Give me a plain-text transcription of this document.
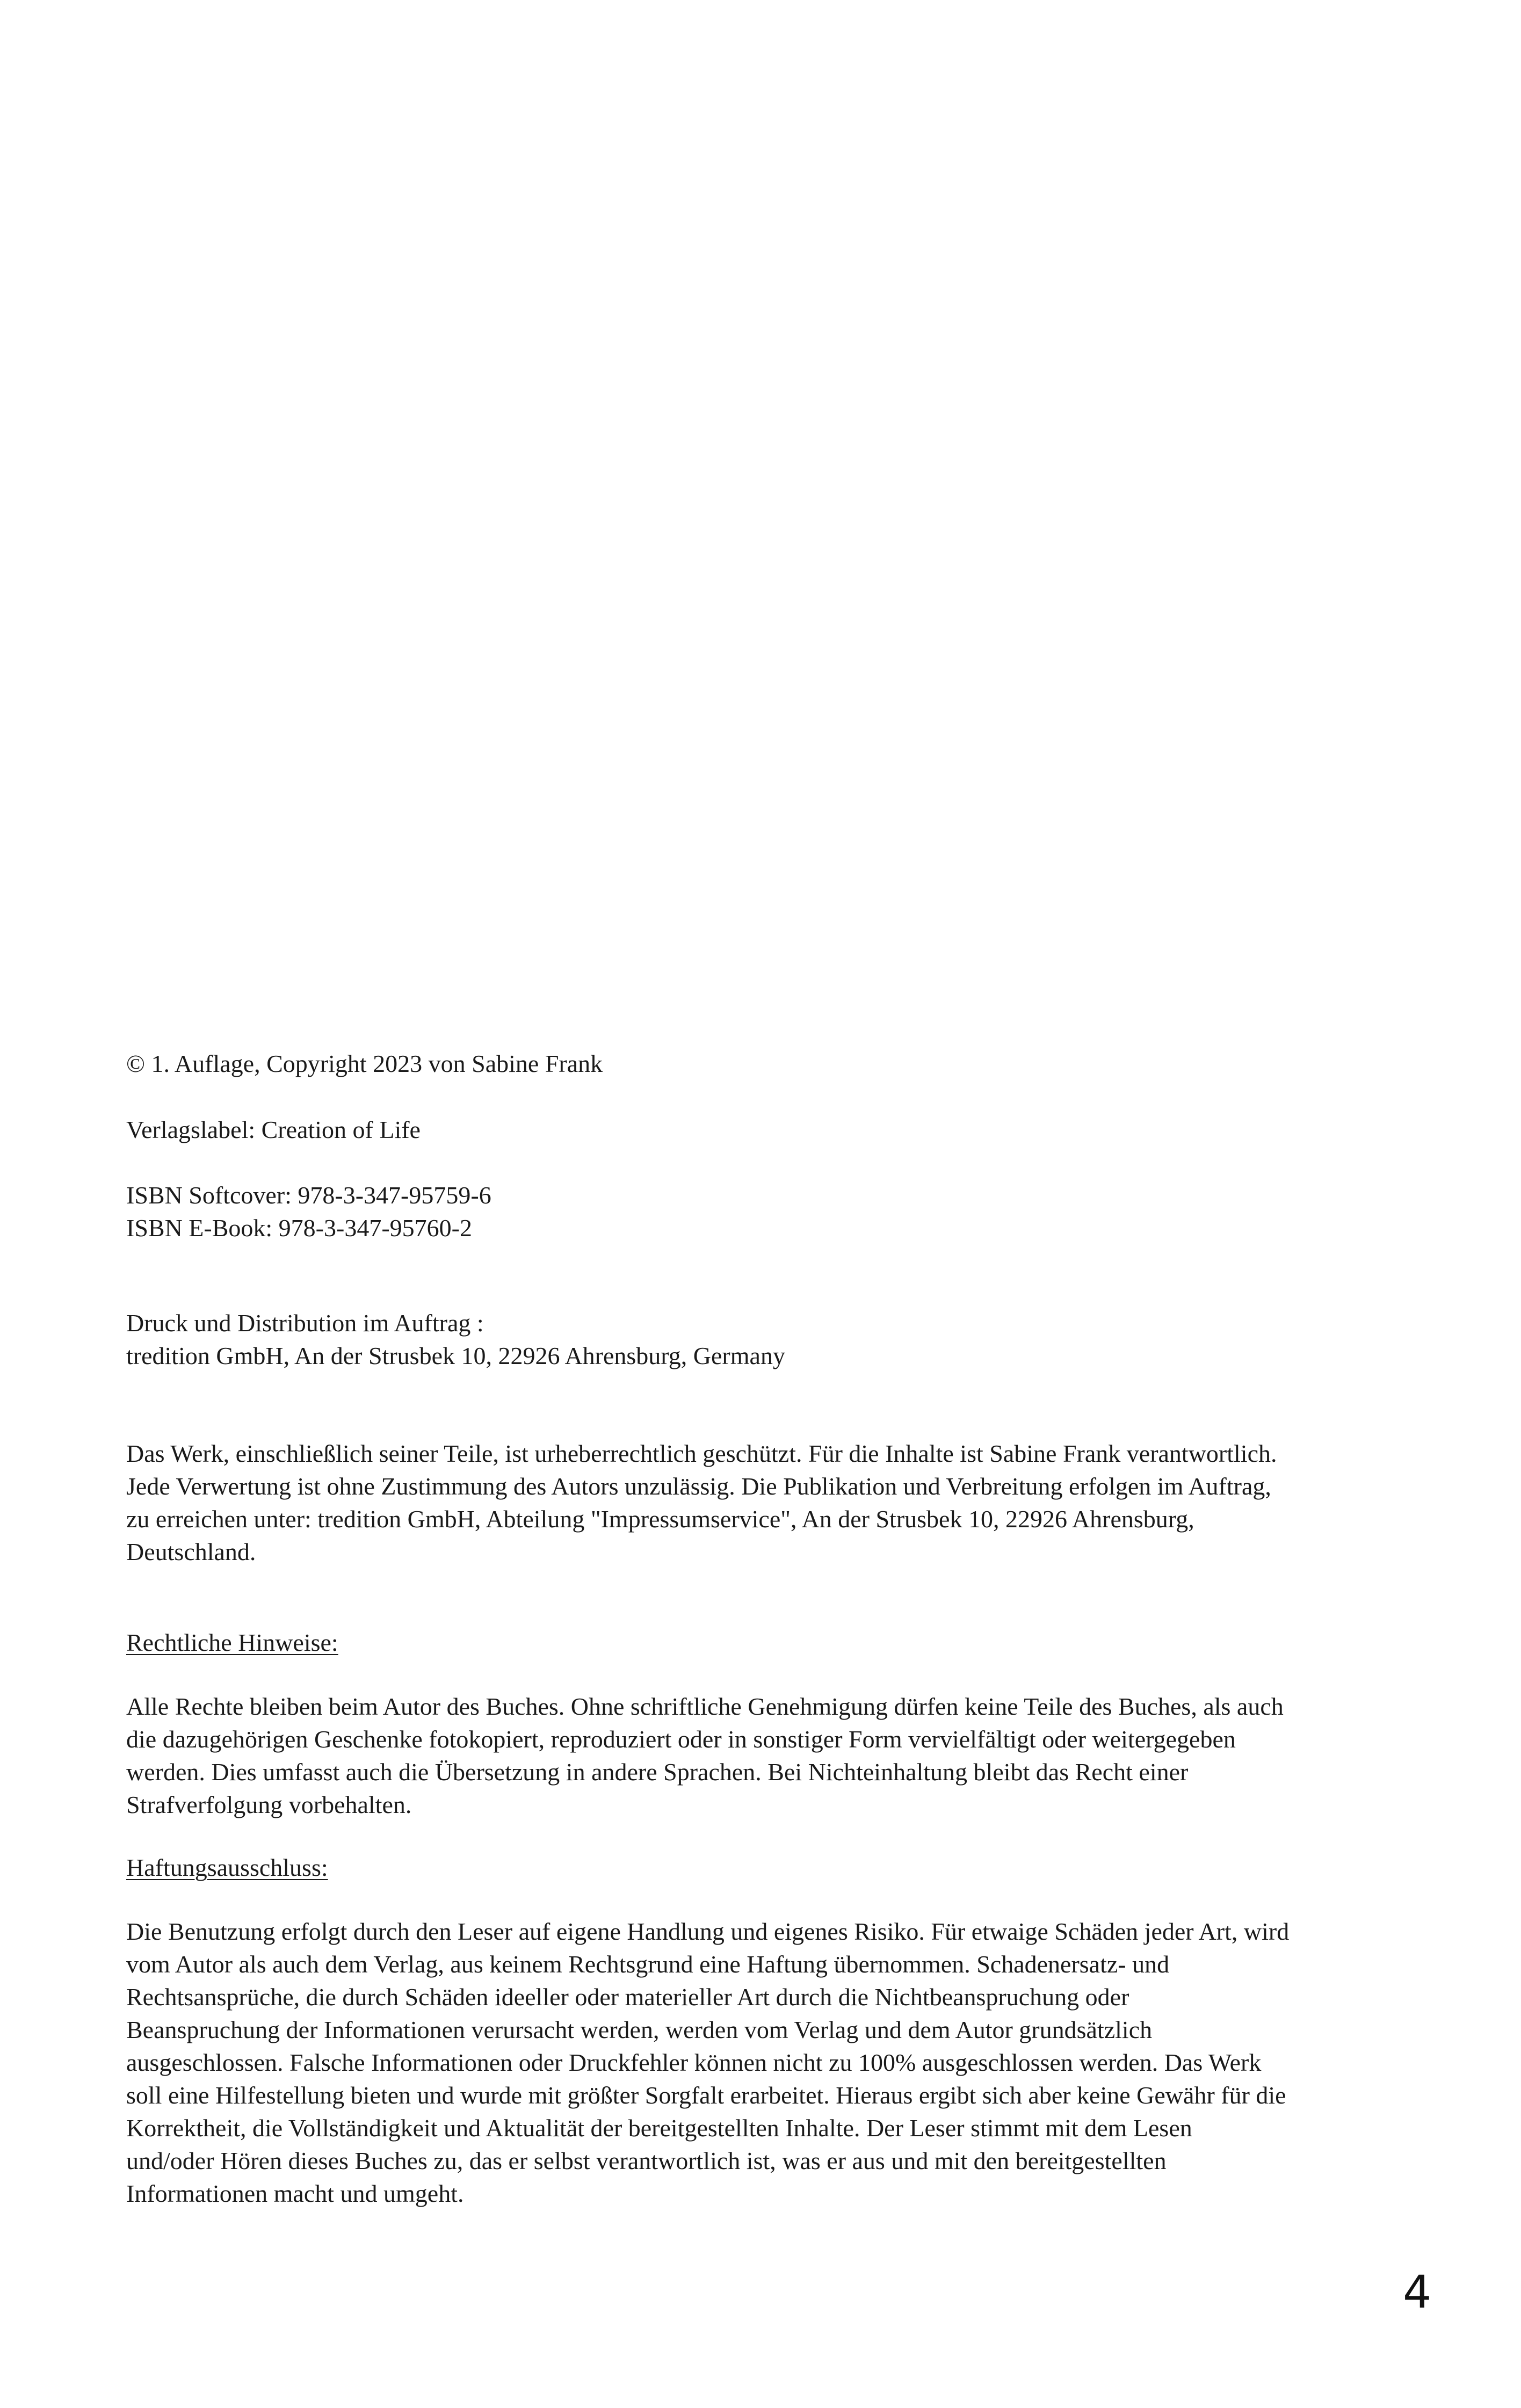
© 1. Auflage, Copyright 2023 von Sabine Frank
Verlagslabel: Creation of Life
ISBN Softcover: 978-3-347-95759-6
ISBN E-Book: 978-3-347-95760-2
Druck und Distribution im Auftrag :
tredition GmbH, An der Strusbek 10, 22926 Ahrensburg, Germany
Das Werk, einschließlich seiner Teile, ist urheberrechtlich geschützt. Für die Inhalte ist Sabine Frank verantwortlich.
Jede Verwertung ist ohne Zustimmung des Autors unzulässig. Die Publikation und Verbreitung erfolgen im Auftrag,
zu erreichen unter: tredition GmbH, Abteilung "Impressumservice", An der Strusbek 10, 22926 Ahrensburg,
Deutschland.
Rechtliche Hinweise:
Alle Rechte bleiben beim Autor des Buches. Ohne schriftliche Genehmigung dürfen keine Teile des Buches, als auch
die dazugehörigen Geschenke fotokopiert, reproduziert oder in sonstiger Form vervielfältigt oder weitergegeben
werden. Dies umfasst auch die Übersetzung in andere Sprachen. Bei Nichteinhaltung bleibt das Recht einer
Strafverfolgung vorbehalten.
Haftungsausschluss:
Die Benutzung erfolgt durch den Leser auf eigene Handlung und eigenes Risiko. Für etwaige Schäden jeder Art, wird
vom Autor als auch dem Verlag, aus keinem Rechtsgrund eine Haftung übernommen. Schadenersatz- und
Rechtsansprüche, die durch Schäden ideeller oder materieller Art durch die Nichtbeanspruchung oder
Beanspruchung der Informationen verursacht werden, werden vom Verlag und dem Autor grundsätzlich
ausgeschlossen. Falsche Informationen oder Druckfehler können nicht zu 100% ausgeschlossen werden. Das Werk
soll eine Hilfestellung bieten und wurde mit größter Sorgfalt erarbeitet. Hieraus ergibt sich aber keine Gewähr für die
Korrektheit, die Vollständigkeit und Aktualität der bereitgestellten Inhalte. Der Leser stimmt mit dem Lesen
und/oder Hören dieses Buches zu, das er selbst verantwortlich ist, was er aus und mit den bereitgestellten
Informationen macht und umgeht.
4
